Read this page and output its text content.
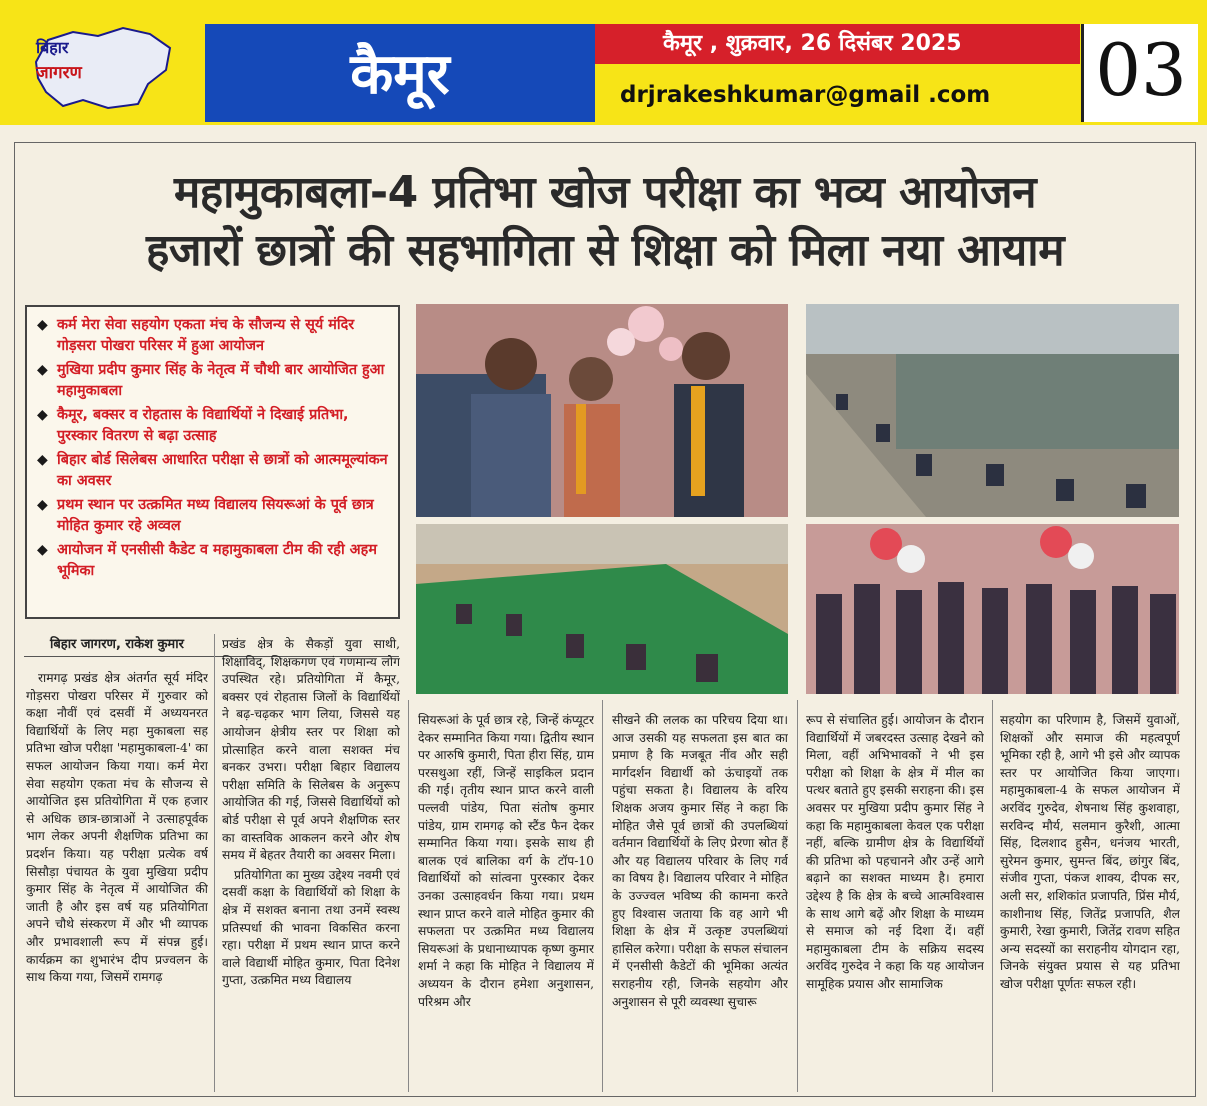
बिहार
जागरण	कैमूर	कैमूर , शुक्रवार, 26 दिसंबर 2025
drjrakeshkumar@gmail .com 03
महामुकाबला-4 प्रतिभा खोज परीक्षा का भव्य आयोजन
हजारों छात्रों की सहभागिता से शिक्षा को मिला नया आयाम
◆ कर्म मेरा सेवा सहयोग एकता मंच के सौजन्य से सूर्य मंदिर गोड़सरा पोखरा परिसर में हुआ आयोजन
◆ मुखिया प्रदीप कुमार सिंह के नेतृत्व में चौथी बार आयोजित हुआ महामुकाबला
◆ कैमूर, बक्सर व रोहतास के विद्यार्थियों ने दिखाई प्रतिभा, पुरस्कार वितरण से बढ़ा उत्साह
◆ बिहार बोर्ड सिलेबस आधारित परीक्षा से छात्रों को आत्ममूल्यांकन का अवसर
◆ प्रथम स्थान पर उत्क्रमित मध्य विद्यालय सियरूआं के पूर्व छात्र मोहित कुमार रहे अव्वल
◆ आयोजन में एनसीसी कैडेट व महामुकाबला टीम की रही अहम भूमिका
बिहार जागरण, राकेश कुमार

रामगढ़ प्रखंड क्षेत्र अंतर्गत सूर्य मंदिर गोड़सरा पोखरा परिसर में गुरुवार को कक्षा नौवीं एवं दसवीं में अध्ययनरत विद्यार्थियों के लिए महा मुकाबला सह प्रतिभा खोज परीक्षा 'महामुकाबला-4' का सफल आयोजन किया गया। कर्म मेरा सेवा सहयोग एकता मंच के सौजन्य से आयोजित इस प्रतियोगिता में एक हजार से अधिक छात्र-छात्राओं ने उत्साहपूर्वक भाग लेकर अपनी शैक्षणिक प्रतिभा का प्रदर्शन किया। यह परीक्षा प्रत्येक वर्ष सिसौड़ा पंचायत के युवा मुखिया प्रदीप कुमार सिंह के नेतृत्व में आयोजित की जाती है और इस वर्ष यह प्रतियोगिता अपने चौथे संस्करण में और भी व्यापक और प्रभावशाली रूप में संपन्न हुई। कार्यक्रम का शुभारंभ दीप प्रज्वलन के साथ किया गया, जिसमें रामगढ़

प्रखंड क्षेत्र के सैकड़ों युवा साथी, शिक्षाविद्, शिक्षकगण एवं गणमान्य लोग उपस्थित रहे। प्रतियोगिता में कैमूर, बक्सर एवं रोहतास जिलों के विद्यार्थियों ने बढ़-चढ़कर भाग लिया, जिससे यह आयोजन क्षेत्रीय स्तर पर शिक्षा को प्रोत्साहित करने वाला सशक्त मंच बनकर उभरा। परीक्षा बिहार विद्यालय परीक्षा समिति के सिलेबस के अनुरूप आयोजित की गई, जिससे विद्यार्थियों को बोर्ड परीक्षा से पूर्व अपने शैक्षणिक स्तर का वास्तविक आकलन करने और शेष समय में बेहतर तैयारी का अवसर मिला।

प्रतियोगिता का मुख्य उद्देश्य नवमी एवं दसवीं कक्षा के विद्यार्थियों को शिक्षा के क्षेत्र में सशक्त बनाना तथा उनमें स्वस्थ प्रतिस्पर्धा की भावना विकसित करना रहा। परीक्षा में प्रथम स्थान प्राप्त करने वाले विद्यार्थी मोहित कुमार, पिता दिनेश गुप्ता, उत्क्रमित मध्य विद्यालय

सियरूआं के पूर्व छात्र रहे, जिन्हें कंप्यूटर देकर सम्मानित किया गया। द्वितीय स्थान पर आरुषि कुमारी, पिता हीरा सिंह, ग्राम परसथुआ रहीं, जिन्हें साइकिल प्रदान की गई। तृतीय स्थान प्राप्त करने वाली पल्लवी पांडेय, पिता संतोष कुमार पांडेय, ग्राम रामगढ़ को स्टैंड फैन देकर सम्मानित किया गया। इसके साथ ही बालक एवं बालिका वर्ग के टॉप-10 विद्यार्थियों को सांत्वना पुरस्कार देकर उनका उत्साहवर्धन किया गया। प्रथम स्थान प्राप्त करने वाले मोहित कुमार की सफलता पर उत्क्रमित मध्य विद्यालय सियरूआं के प्रधानाध्यापक कृष्ण कुमार शर्मा ने कहा कि मोहित ने विद्यालय में अध्ययन के दौरान हमेशा अनुशासन, परिश्रम और

सीखने की ललक का परिचय दिया था। आज उसकी यह सफलता इस बात का प्रमाण है कि मजबूत नींव और सही मार्गदर्शन विद्यार्थी को ऊंचाइयों तक पहुंचा सकता है। विद्यालय के वरिय शिक्षक अजय कुमार सिंह ने कहा कि मोहित जैसे पूर्व छात्रों की उपलब्धियां वर्तमान विद्यार्थियों के लिए प्रेरणा स्रोत हैं और यह विद्यालय परिवार के लिए गर्व का विषय है। विद्यालय परिवार ने मोहित के उज्ज्वल भविष्य की कामना करते हुए विश्वास जताया कि वह आगे भी शिक्षा के क्षेत्र में उत्कृष्ट उपलब्धियां हासिल करेगा। परीक्षा के सफल संचालन में एनसीसी कैडेटों की भूमिका अत्यंत सराहनीय रही, जिनके सहयोग और अनुशासन से पूरी व्यवस्था सुचारू

रूप से संचालित हुई। आयोजन के दौरान विद्यार्थियों में जबरदस्त उत्साह देखने को मिला, वहीं अभिभावकों ने भी इस परीक्षा को शिक्षा के क्षेत्र में मील का पत्थर बताते हुए इसकी सराहना की। इस अवसर पर मुखिया प्रदीप कुमार सिंह ने कहा कि महामुकाबला केवल एक परीक्षा नहीं, बल्कि ग्रामीण क्षेत्र के विद्यार्थियों की प्रतिभा को पहचानने और उन्हें आगे बढ़ाने का सशक्त माध्यम है। हमारा उद्देश्य है कि क्षेत्र के बच्चे आत्मविश्वास के साथ आगे बढ़ें और शिक्षा के माध्यम से समाज को नई दिशा दें। वहीं महामुकाबला टीम के सक्रिय सदस्य अरविंद गुरुदेव ने कहा कि यह आयोजन सामूहिक प्रयास और सामाजिक

सहयोग का परिणाम है, जिसमें युवाओं, शिक्षकों और समाज की महत्वपूर्ण भूमिका रही है, आगे भी इसे और व्यापक स्तर पर आयोजित किया जाएगा। महामुकाबला-4 के सफल आयोजन में अरविंद गुरुदेव, शेषनाथ सिंह कुशवाहा, सरविन्द मौर्य, सलमान कुरैशी, आत्मा सिंह, दिलशाद हुसैन, धनंजय भारती, सुरेमन कुमार, सुमन्त बिंद, छांगुर बिंद, संजीव गुप्ता, पंकज शाक्य, दीपक सर, अली सर, शशिकांत प्रजापति, प्रिंस मौर्य, काशीनाथ सिंह, जितेंद्र प्रजापति, शैल कुमारी, रेखा कुमारी, जितेंद्र रावण सहित अन्य सदस्यों का सराहनीय योगदान रहा, जिनके संयुक्त प्रयास से यह प्रतिभा खोज परीक्षा पूर्णतः सफल रही।
